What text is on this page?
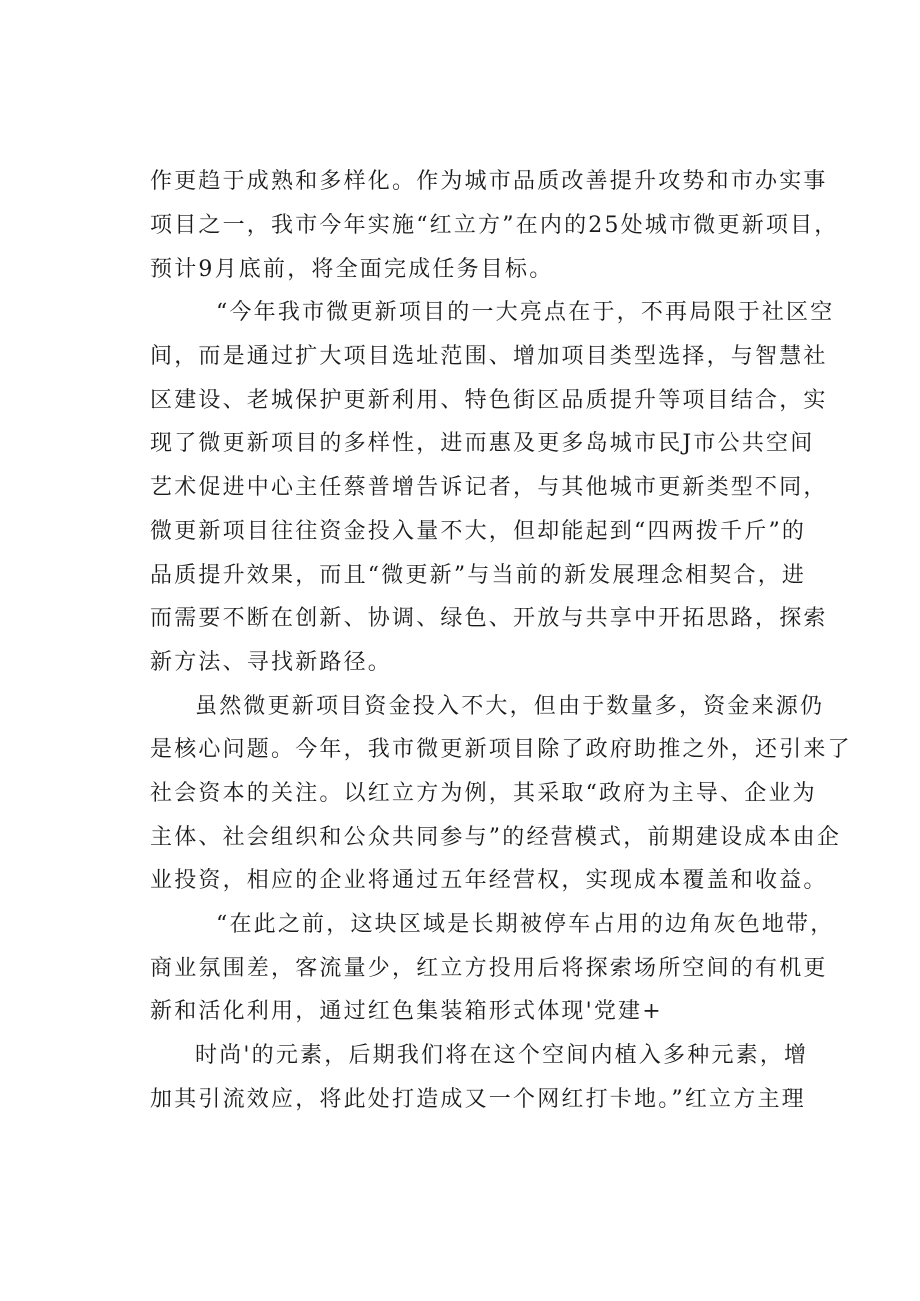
作更趋于成熟和多样化。作为城市品质改善提升攻势和市办实事
项目之一，我市今年实施“红立方”在内的25处城市微更新项目，
预计9月底前，将全面完成任务目标。
“今年我市微更新项目的一大亮点在于，不再局限于社区空
间，而是通过扩大项目选址范围、增加项目类型选择，与智慧社
区建设、老城保护更新利用、特色街区品质提升等项目结合，实
现了微更新项目的多样性，进而惠及更多岛城市民J市公共空间
艺术促进中心主任蔡普增告诉记者，与其他城市更新类型不同，
微更新项目往往资金投入量不大，但却能起到“四两拨千斤”的
品质提升效果，而且“微更新”与当前的新发展理念相契合，进
而需要不断在创新、协调、绿色、开放与共享中开拓思路，探索
新方法、寻找新路径。
虽然微更新项目资金投入不大，但由于数量多，资金来源仍
是核心问题。今年，我市微更新项目除了政府助推之外，还引来了
社会资本的关注。以红立方为例，其采取“政府为主导、企业为
主体、社会组织和公众共同参与”的经营模式，前期建设成本由企
业投资，相应的企业将通过五年经营权，实现成本覆盖和收益。
“在此之前，这块区域是长期被停车占用的边角灰色地带，
商业氛围差，客流量少，红立方投用后将探索场所空间的有机更
新和活化利用，通过红色集装箱形式体现'党建+
时尚'的元素，后期我们将在这个空间内植入多种元素，增
加其引流效应，将此处打造成又一个网红打卡地。”红立方主理
